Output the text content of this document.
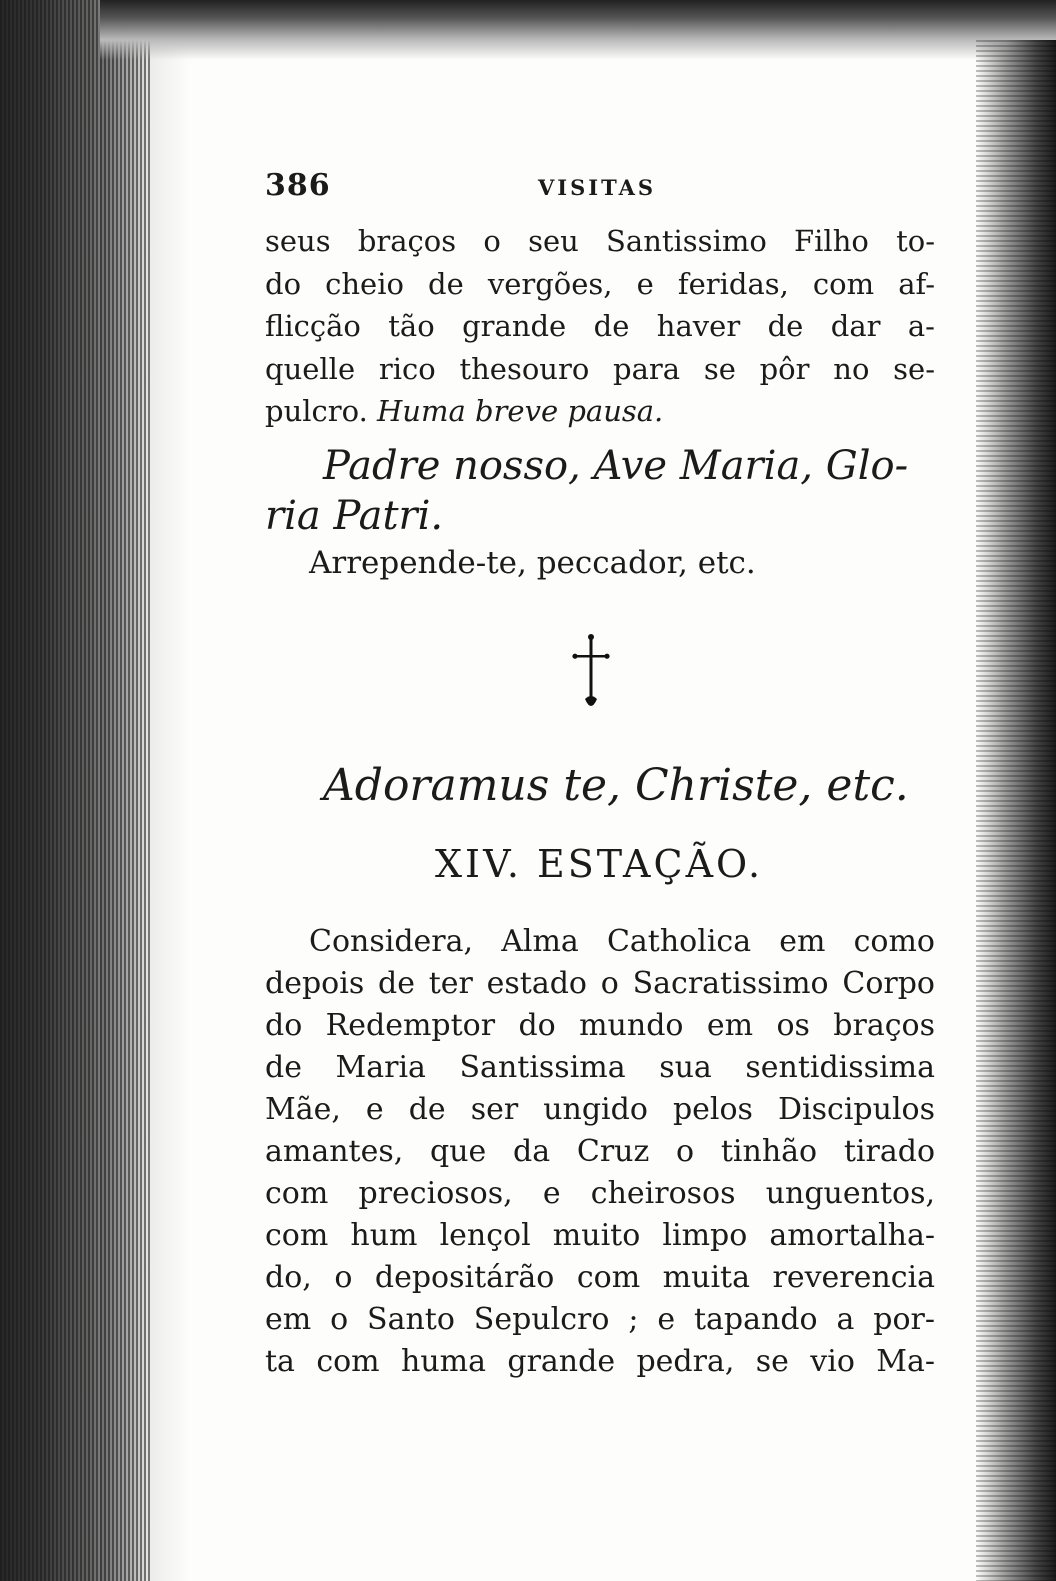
386	VISITAS

seus braços o seu Santissimo Filho to-
do cheio de vergões, e feridas, com af-
flicção tão grande de haver de dar a-
quelle rico thesouro para se pôr no se-
pulcro. Huma breve pausa.

Padre nosso, Ave Maria, Glo-
ria Patri.
Arrepende-te, peccador, etc.
Adoramus te, Christe, etc.
XIV. ESTAÇÃO.

Considera, Alma Catholica em como
depois de ter estado o Sacratissimo Corpo
do Redemptor do mundo em os braços
de Maria Santissima sua sentidissima
Mãe, e de ser ungido pelos Discipulos
amantes, que da Cruz o tinhão tirado
com preciosos, e cheirosos unguentos,
com hum lençol muito limpo amortalha-
do, o depositárão com muita reverencia
em o Santo Sepulcro ; e tapando a por-
ta com huma grande pedra, se vio Ma-
